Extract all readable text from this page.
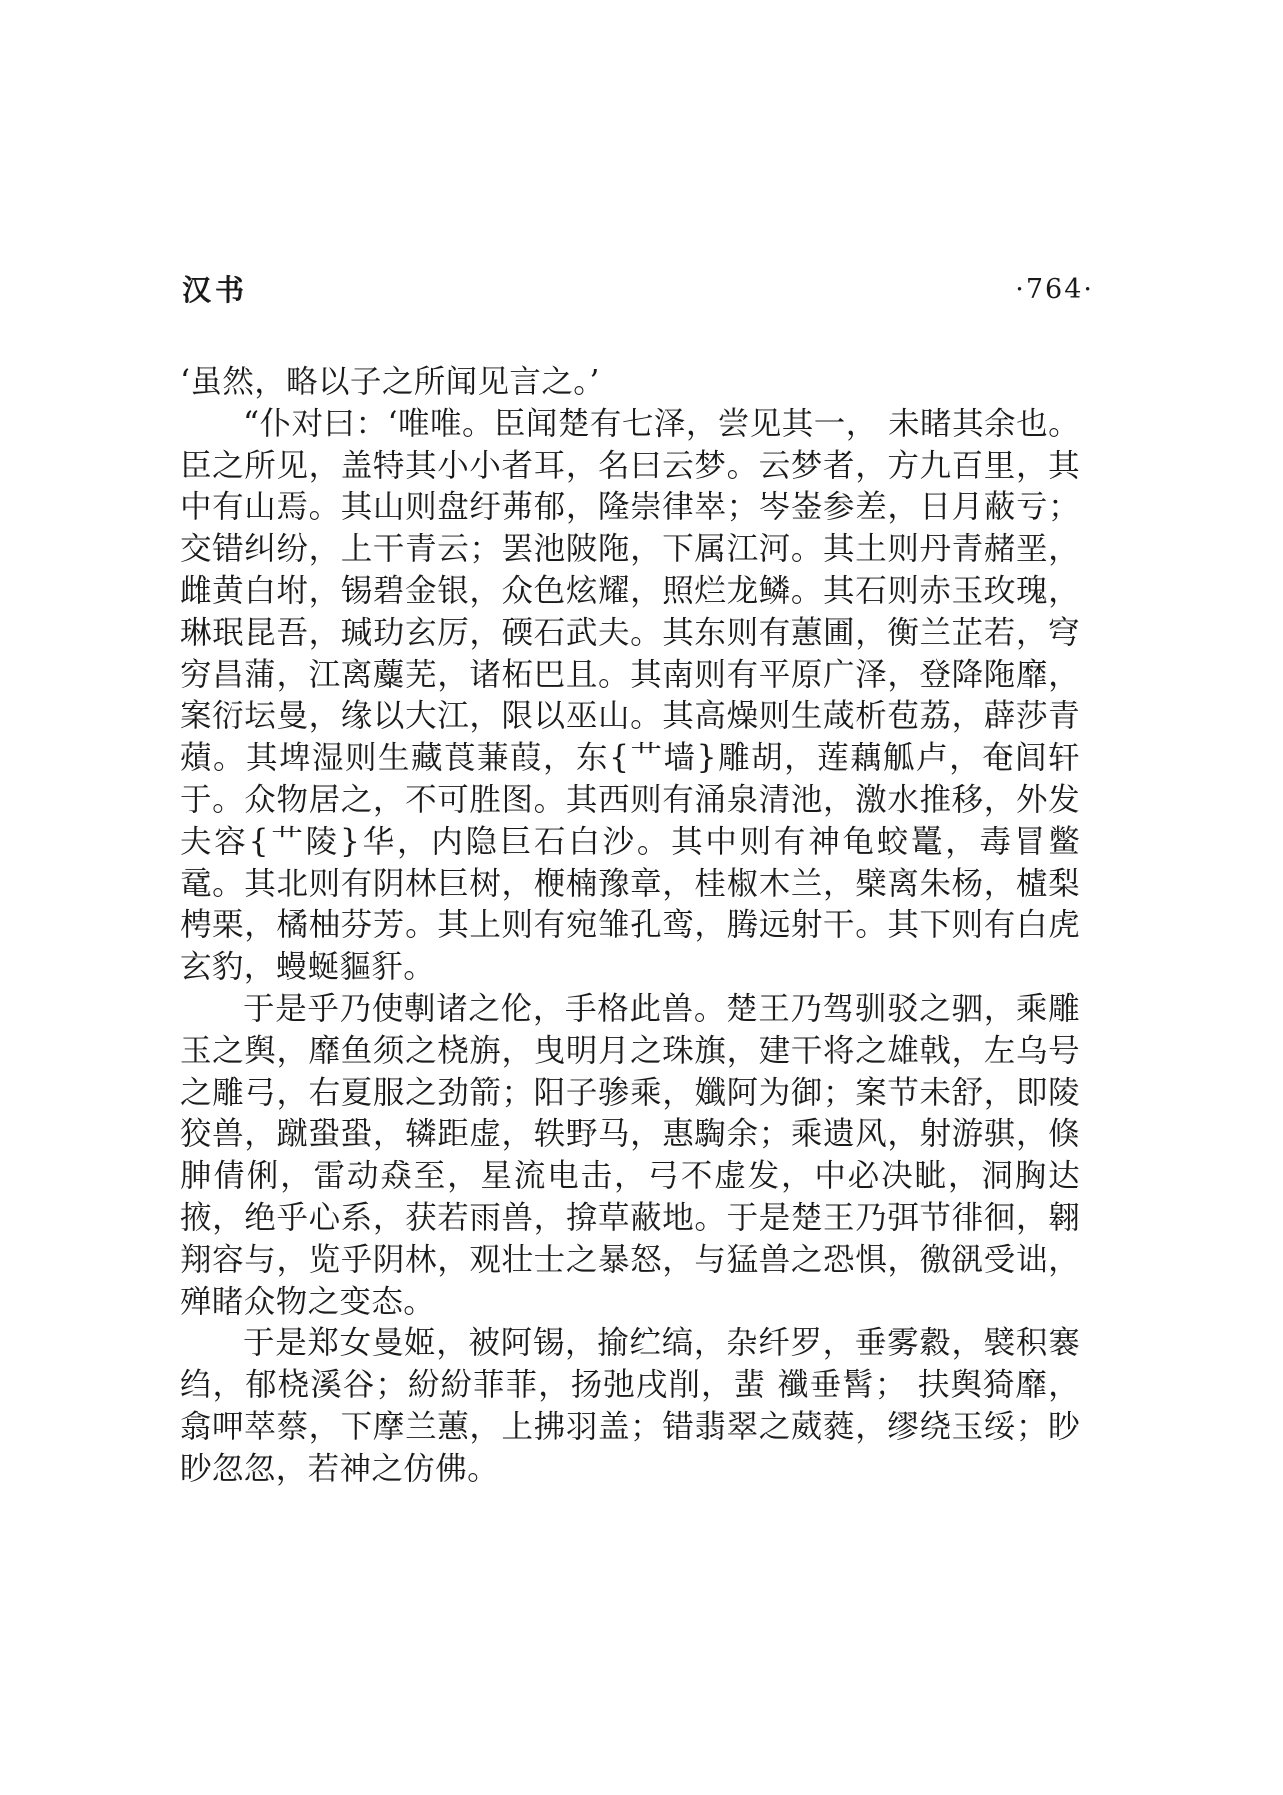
汉书	·764·

‘虽然，略以子之所闻见言之。’

“仆对曰：‘唯唯。臣闻楚有七泽，尝见其一， 未睹其余也。臣之所见，盖特其小小者耳，名曰云梦。云梦者，方九百里，其中有山焉。其山则盘纡茀郁，隆崇律崒；岑崟参差，日月蔽亏；交错纠纷，上干青云；罢池陂陁，下属江河。其土则丹青赭垩，雌黄白坿，锡碧金银，众色炫耀，照烂龙鳞。其石则赤玉玫瑰，琳珉昆吾，瑊玏玄厉，碝石武夫。其东则有蕙圃，衡兰芷若，穹穷昌蒲，江离蘪芜，诸柘巴且。其南则有平原广泽，登降陁靡，案衍坛曼，缘以大江，限以巫山。其高燥则生葴析苞荔，薜莎青薠。其埤湿则生藏莨蒹葭，东{艹墙}雕胡，莲藕觚卢，奄闾轩于。众物居之，不可胜图。其西则有涌泉清池，激水推移，外发夫容{艹陵}华，内隐巨石白沙。其中则有神龟蛟鼍，毒冒鳖鼋。其北则有阴林巨树，楩楠豫章，桂椒木兰，檗离朱杨，樝梨梬栗，橘柚芬芳。其上则有宛雏孔鸾，腾远射干。其下则有白虎玄豹，蟃蜒貙豻。

于是乎乃使剸诸之伦，手格此兽。楚王乃驾驯驳之驷，乘雕玉之舆，靡鱼须之桡旃，曳明月之珠旗，建干将之雄戟，左乌号之雕弓，右夏服之劲箭；阳子骖乘，孅阿为御；案节未舒，即陵狡兽，蹴蛩蛩，辚距虚，轶野马，惠騊余；乘遗风，射游骐，倏胂倩俐，雷动猋至，星流电击，弓不虚发，中必决眦，洞胸达掖，绝乎心系，获若雨兽，揜草蔽地。于是楚王乃弭节徘徊，翱翔容与，览乎阴林，观壮士之暴怒，与猛兽之恐惧，徼谻受诎，殚睹众物之变态。

于是郑女曼姬，被阿锡，揄纻缟，杂纤罗，垂雾縠，襞积褰绉，郁桡溪谷；紛紛菲菲，扬弛戌削，蜚 襳垂髾； 扶舆猗靡，翕呷萃蔡，下摩兰蕙，上拂羽盖；错翡翠之葳蕤，缪绕玉绥；眇眇忽忽，若神之仿佛。
